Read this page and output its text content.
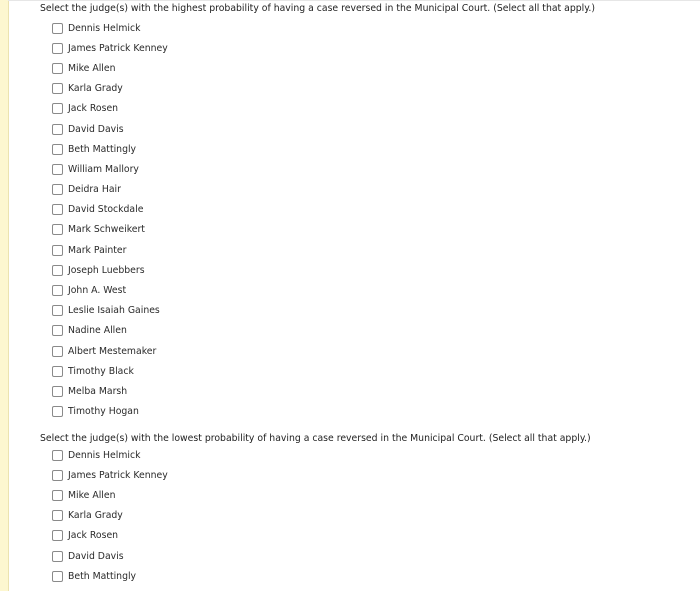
Select the judge(s) with the highest probability of having a case reversed in the Municipal Court. (Select all that apply.)
Dennis Helmick
James Patrick Kenney
Mike Allen
Karla Grady
Jack Rosen
David Davis
Beth Mattingly
William Mallory
Deidra Hair
David Stockdale
Mark Schweikert
Mark Painter
Joseph Luebbers
John A. West
Leslie Isaiah Gaines
Nadine Allen
Albert Mestemaker
Timothy Black
Melba Marsh
Timothy Hogan
Select the judge(s) with the lowest probability of having a case reversed in the Municipal Court. (Select all that apply.)
Dennis Helmick
James Patrick Kenney
Mike Allen
Karla Grady
Jack Rosen
David Davis
Beth Mattingly
